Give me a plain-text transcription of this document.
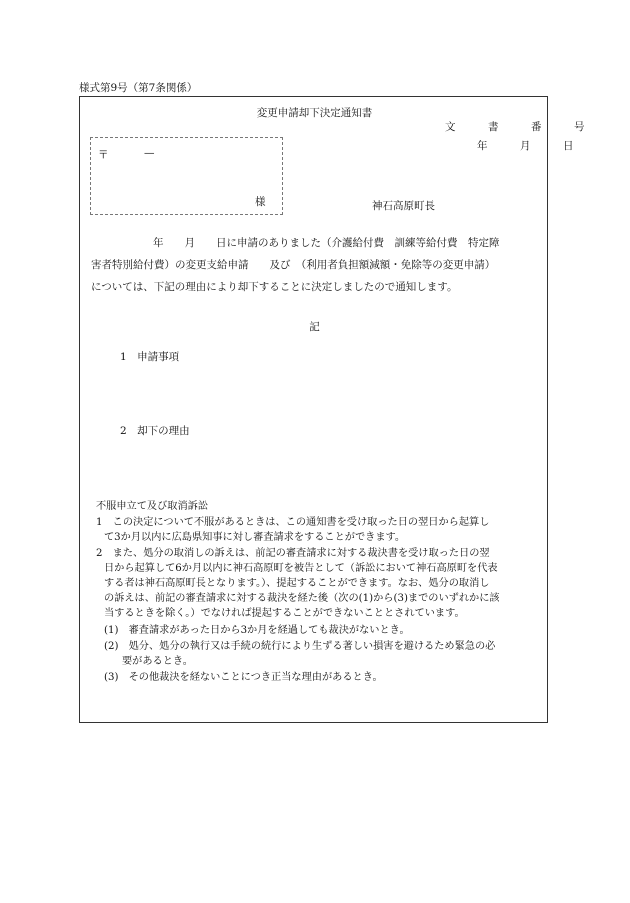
様式第9号（第7条関係）
変更申請却下決定通知書
文　書　番　号
年　月　日
〒	—
様	神石高原町長
年　　月　　日に申請のありました（介護給付費　訓練等給付費　特定障
害者特別給付費）の変更支給申請　　及び　（利用者負担額減額・免除等の変更申請）
については、下記の理由により却下することに決定しましたので通知します。
記
1　申請事項
2　却下の理由
不服申立て及び取消訴訟
1　この決定について不服があるときは、この通知書を受け取った日の翌日から起算し
て3か月以内に広島県知事に対し審査請求をすることができます。
2　また、処分の取消しの訴えは、前記の審査請求に対する裁決書を受け取った日の翌
日から起算して6か月以内に神石高原町を被告として（訴訟において神石高原町を代表
する者は神石高原町長となります。）、提起することができます。なお、処分の取消し
の訴えは、前記の審査請求に対する裁決を経た後（次の(1)から(3)までのいずれかに該
当するときを除く。）でなければ提起することができないこととされています。
(1)　審査請求があった日から3か月を経過しても裁決がないとき。
(2)　処分、処分の執行又は手続の続行により生ずる著しい損害を避けるため緊急の必
要があるとき。
(3)　その他裁決を経ないことにつき正当な理由があるとき。
